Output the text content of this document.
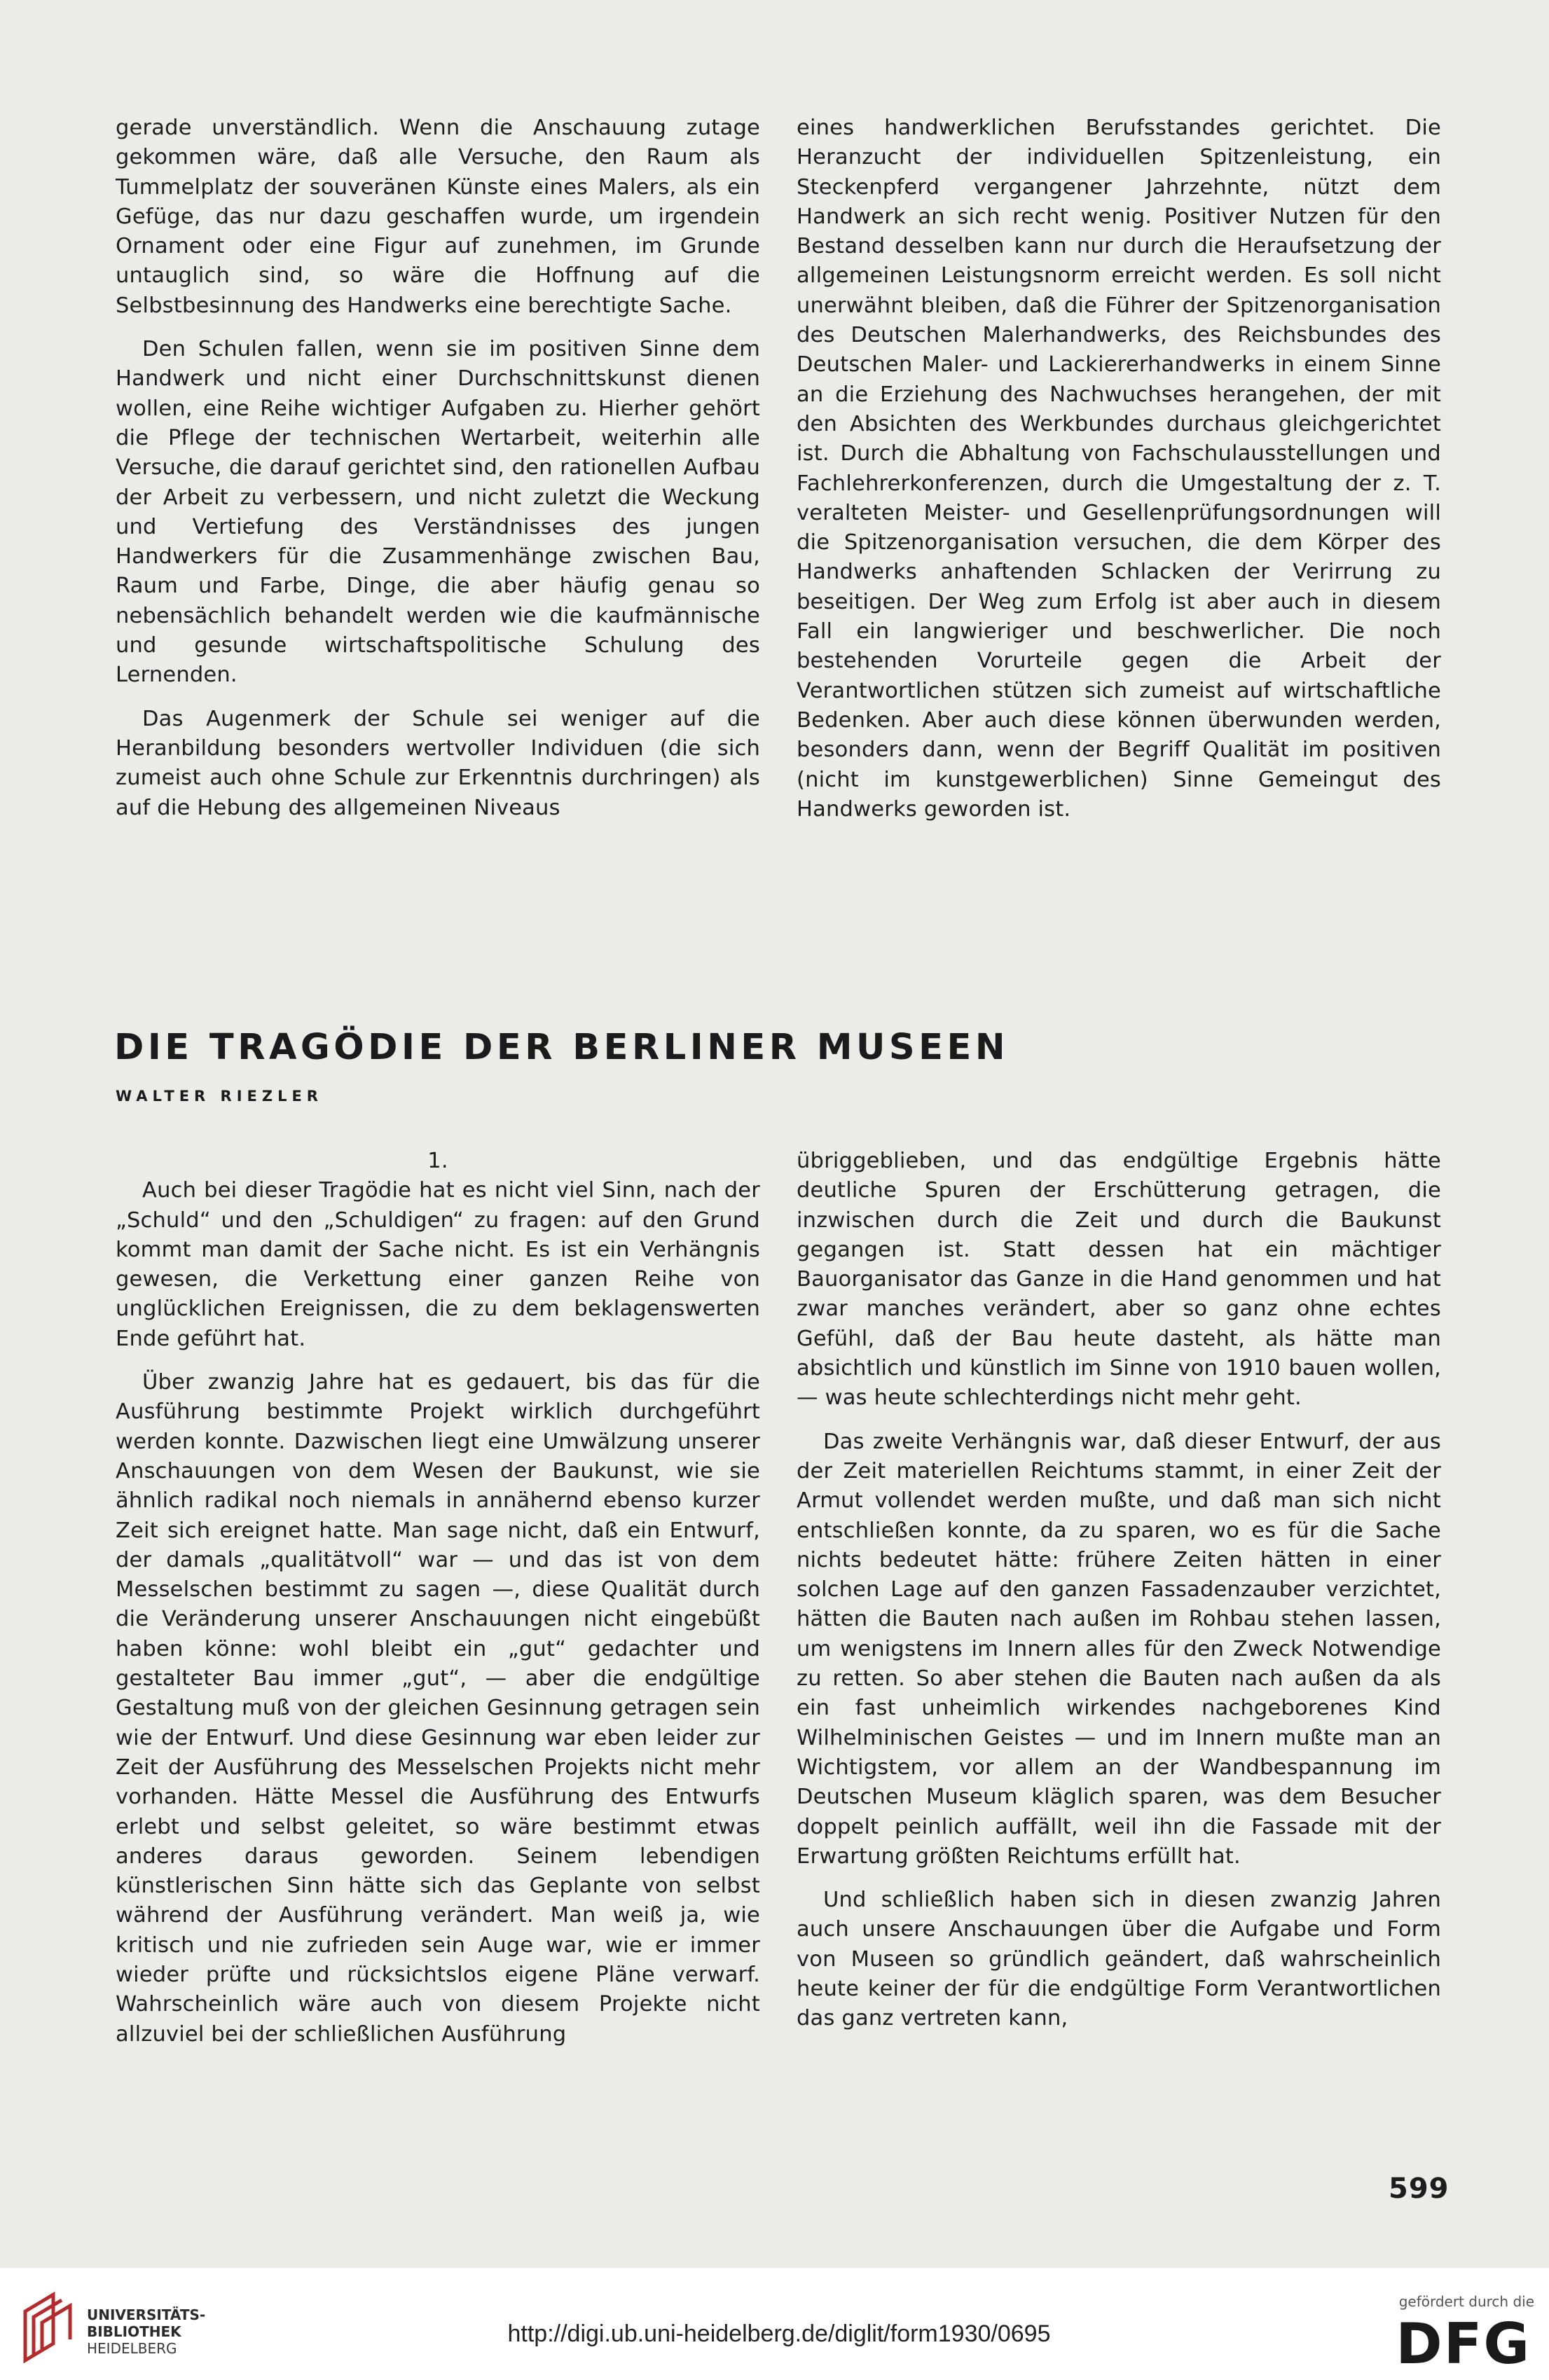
gerade unverständlich. Wenn die Anschauung zutage gekommen wäre, daß alle Versuche, den Raum als Tummelplatz der souveränen Künste eines Malers, als ein Gefüge, das nur dazu geschaffen wurde, um irgendein Ornament oder eine Figur auf zunehmen, im Grunde untauglich sind, so wäre die Hoffnung auf die Selbstbesinnung des Handwerks eine berechtigte Sache.

Den Schulen fallen, wenn sie im positiven Sinne dem Handwerk und nicht einer Durchschnittskunst dienen wollen, eine Reihe wichtiger Aufgaben zu. Hierher gehört die Pflege der technischen Wertarbeit, weiterhin alle Versuche, die darauf gerichtet sind, den rationellen Aufbau der Arbeit zu verbessern, und nicht zuletzt die Weckung und Vertiefung des Verständnisses des jungen Handwerkers für die Zusammenhänge zwischen Bau, Raum und Farbe, Dinge, die aber häufig genau so nebensächlich behandelt werden wie die kaufmännische und gesunde wirtschaftspolitische Schulung des Lernenden.

Das Augenmerk der Schule sei weniger auf die Heranbildung besonders wertvoller Individuen (die sich zumeist auch ohne Schule zur Erkenntnis durchringen) als auf die Hebung des allgemeinen Niveaus

eines handwerklichen Berufsstandes gerichtet. Die Heranzucht der individuellen Spitzenleistung, ein Steckenpferd vergangener Jahrzehnte, nützt dem Handwerk an sich recht wenig. Positiver Nutzen für den Bestand desselben kann nur durch die Heraufsetzung der allgemeinen Leistungsnorm erreicht werden. Es soll nicht unerwähnt bleiben, daß die Führer der Spitzenorganisation des Deutschen Malerhandwerks, des Reichsbundes des Deutschen Maler- und Lackiererhandwerks in einem Sinne an die Erziehung des Nachwuchses herangehen, der mit den Absichten des Werkbundes durchaus gleichgerichtet ist. Durch die Abhaltung von Fachschulausstellungen und Fachlehrerkonferenzen, durch die Umgestaltung der z. T. veralteten Meister- und Gesellenprüfungsordnungen will die Spitzenorganisation versuchen, die dem Körper des Handwerks anhaftenden Schlacken der Verirrung zu beseitigen. Der Weg zum Erfolg ist aber auch in diesem Fall ein langwieriger und beschwerlicher. Die noch bestehenden Vorurteile gegen die Arbeit der Verantwortlichen stützen sich zumeist auf wirtschaftliche Bedenken. Aber auch diese können überwunden werden, besonders dann, wenn der Begriff Qualität im positiven (nicht im kunstgewerblichen) Sinne Gemeingut des Handwerks geworden ist.

DIE TRAGÖDIE DER BERLINER MUSEEN
WALTER RIEZLER

1.

Auch bei dieser Tragödie hat es nicht viel Sinn, nach der „Schuld“ und den „Schuldigen“ zu fragen: auf den Grund kommt man damit der Sache nicht. Es ist ein Verhängnis gewesen, die Verkettung einer ganzen Reihe von unglücklichen Ereignissen, die zu dem beklagenswerten Ende geführt hat.

Über zwanzig Jahre hat es gedauert, bis das für die Ausführung bestimmte Projekt wirklich durchgeführt werden konnte. Dazwischen liegt eine Umwälzung unserer Anschauungen von dem Wesen der Baukunst, wie sie ähnlich radikal noch niemals in annähernd ebenso kurzer Zeit sich ereignet hatte. Man sage nicht, daß ein Entwurf, der damals „qualitätvoll“ war — und das ist von dem Messelschen bestimmt zu sagen —, diese Qualität durch die Veränderung unserer Anschauungen nicht eingebüßt haben könne: wohl bleibt ein „gut“ gedachter und gestalteter Bau immer „gut“, — aber die endgültige Gestaltung muß von der gleichen Gesinnung getragen sein wie der Entwurf. Und diese Gesinnung war eben leider zur Zeit der Ausführung des Messelschen Projekts nicht mehr vorhanden. Hätte Messel die Ausführung des Entwurfs erlebt und selbst geleitet, so wäre bestimmt etwas anderes daraus geworden. Seinem lebendigen künstlerischen Sinn hätte sich das Geplante von selbst während der Ausführung verändert. Man weiß ja, wie kritisch und nie zufrieden sein Auge war, wie er immer wieder prüfte und rücksichtslos eigene Pläne verwarf. Wahrscheinlich wäre auch von diesem Projekte nicht allzuviel bei der schließlichen Ausführung

übriggeblieben, und das endgültige Ergebnis hätte deutliche Spuren der Erschütterung getragen, die inzwischen durch die Zeit und durch die Baukunst gegangen ist. Statt dessen hat ein mächtiger Bauorganisator das Ganze in die Hand genommen und hat zwar manches verändert, aber so ganz ohne echtes Gefühl, daß der Bau heute dasteht, als hätte man absichtlich und künstlich im Sinne von 1910 bauen wollen, — was heute schlechterdings nicht mehr geht.

Das zweite Verhängnis war, daß dieser Entwurf, der aus der Zeit materiellen Reichtums stammt, in einer Zeit der Armut vollendet werden mußte, und daß man sich nicht entschließen konnte, da zu sparen, wo es für die Sache nichts bedeutet hätte: frühere Zeiten hätten in einer solchen Lage auf den ganzen Fassadenzauber verzichtet, hätten die Bauten nach außen im Rohbau stehen lassen, um wenigstens im Innern alles für den Zweck Notwendige zu retten. So aber stehen die Bauten nach außen da als ein fast unheimlich wirkendes nachgeborenes Kind Wilhelminischen Geistes — und im Innern mußte man an Wichtigstem, vor allem an der Wandbespannung im Deutschen Museum kläglich sparen, was dem Besucher doppelt peinlich auffällt, weil ihn die Fassade mit der Erwartung größten Reichtums erfüllt hat.

Und schließlich haben sich in diesen zwanzig Jahren auch unsere Anschauungen über die Aufgabe und Form von Museen so gründlich geändert, daß wahrscheinlich heute keiner der für die endgültige Form Verantwortlichen das ganz vertreten kann,

599
UNIVERSITÄTS-
BIBLIOTHEK
HEIDELBERG
http://digi.ub.uni-heidelberg.de/diglit/form1930/0695
gefördert durch die
DFG
